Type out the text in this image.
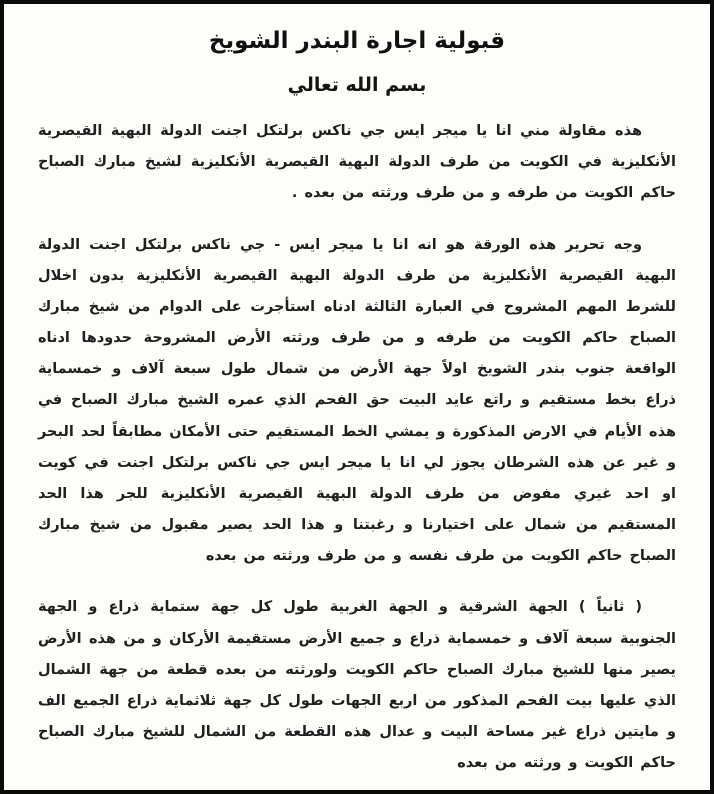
قبولية اجارة البندر الشويخ
بسم الله تعالي

هذه مقاولة مني انا يا ميجر ايس جي ناكس برلتكل اجنت الدولة البهية القيصرية الأنكليزية في الكويت من طرف الدولة البهية القيصرية الأنكليزية لشيخ مبارك الصباح حاكم الكويت من طرفه و من طرف ورثته من بعده .

وجه تحرير هذه الورقة هو انه انا يا ميجر ايس - جي ناكس برلتكل اجنت الدولة البهية القيصرية الأنكليزية من طرف الدولة البهية القيصرية الأنكليزية بدون اخلال للشرط المهم المشروح في العبارة الثالثة ادناه استأجرت على الدوام من شيخ مبارك الصباح حاكم الكويت من طرفه و من طرف ورثته الأرض المشروحة حدودها ادناه الواقعة جنوب بندر الشويخ اولاً جهة الأرض من شمال طول سبعة آلاف و خمسماية ذراع بخط مستقيم و راتع عايد البيت حق الفحم الذي عمره الشيخ مبارك الصباح في هذه الأيام في الارض المذكورة و يمشي الخط المستقيم حتى الأمكان مطابقاً لحد البحر و غير عن هذه الشرطان يجوز لي انا يا ميجر ايس جي ناكس برلتكل اجنت في كويت او احد غيري مفوض من طرف الدولة البهية القيصرية الأنكليزية للجر هذا الحد المستقيم من شمال على اختيارنا و رغبتنا و هذا الحد يصير مقبول من شيخ مبارك الصباح حاكم الكويت من طرف نفسه و من طرف ورثته من بعده

( ثانياً ) الجهة الشرقية و الجهة الغربية طول كل جهة ستماية ذراع و الجهة الجنوبية سبعة آلاف و خمسماية ذراع و جميع الأرض مستقيمة الأركان و من هذه الأرض يصير منها للشيخ مبارك الصباح حاكم الكويت ولورثته من بعده قطعة من جهة الشمال الذي عليها بيت الفحم المذكور من اربع الجهات طول كل جهة ثلاثماية ذراع الجميع الف و مايتين ذراع غير مساحة البيت و عدال هذه القطعة من الشمال للشيخ مبارك الصباح حاكم الكويت و ورثته من بعده
